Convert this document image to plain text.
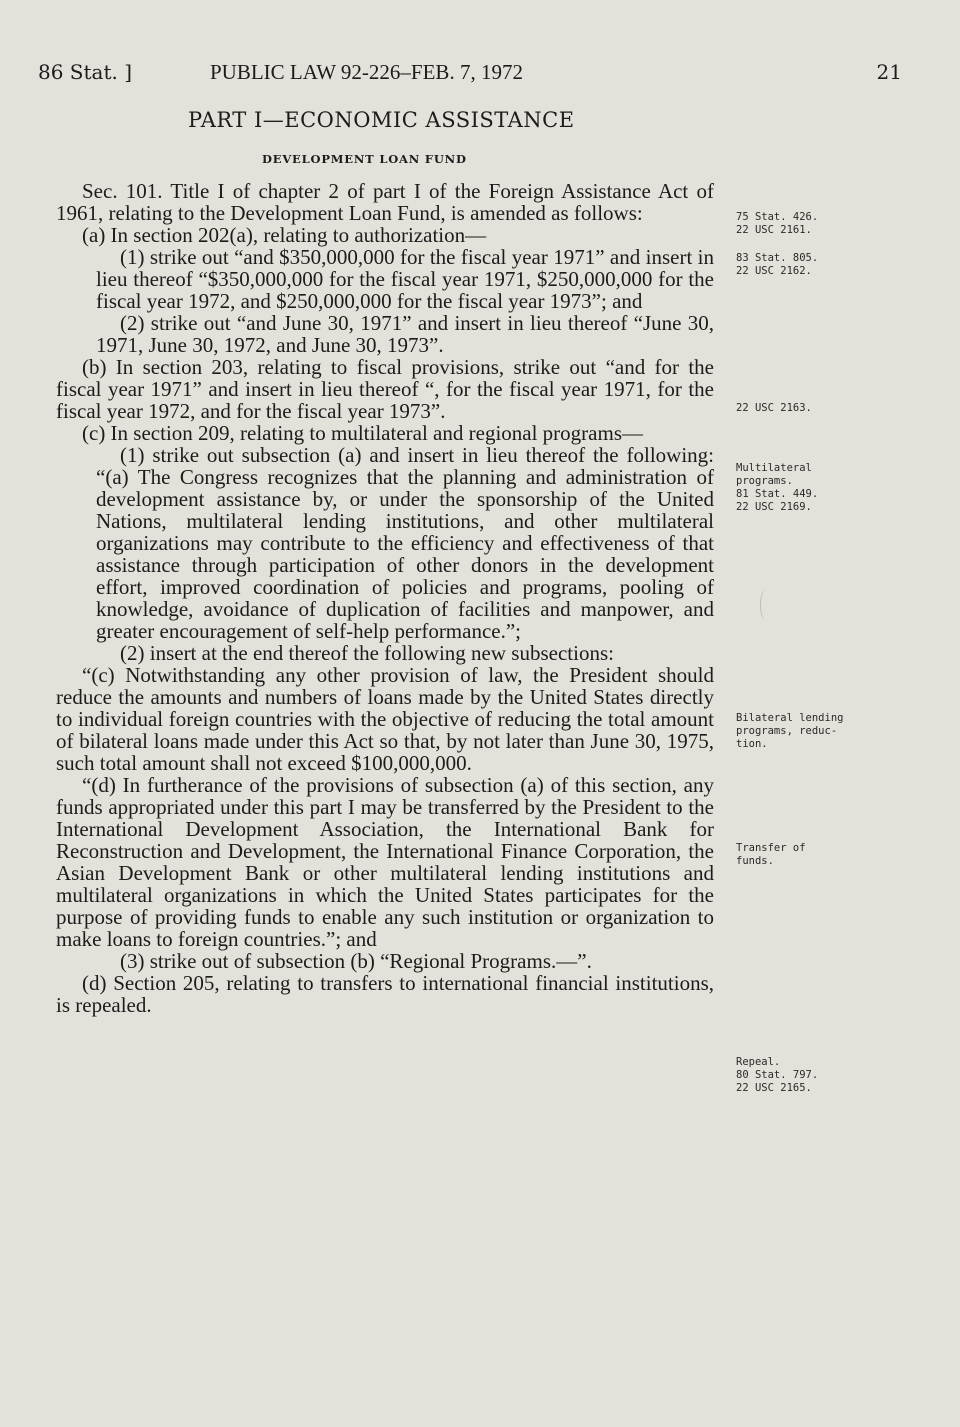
86 Stat. ]	PUBLIC LAW 92-226–FEB. 7, 1972	21
PART I—ECONOMIC ASSISTANCE
DEVELOPMENT LOAN FUND

Sec. 101. Title I of chapter 2 of part I of the Foreign Assistance Act of 1961, relating to the Development Loan Fund, is amended as follows:

(a) In section 202(a), relating to authorization—

(1) strike out “and $350,000,000 for the fiscal year 1971” and insert in lieu thereof “$350,000,000 for the fiscal year 1971, $250,000,000 for the fiscal year 1972, and $250,000,000 for the fiscal year 1973”; and

(2) strike out “and June 30, 1971” and insert in lieu thereof “June 30, 1971, June 30, 1972, and June 30, 1973”.

(b) In section 203, relating to fiscal provisions, strike out “and for the fiscal year 1971” and insert in lieu thereof “, for the fiscal year 1971, for the fiscal year 1972, and for the fiscal year 1973”.

(c) In section 209, relating to multilateral and regional programs—

(1) strike out subsection (a) and insert in lieu thereof the following: “(a) The Congress recognizes that the planning and administration of development assistance by, or under the sponsorship of the United Nations, multilateral lending institutions, and other multilateral organizations may contribute to the efficiency and effectiveness of that assistance through participation of other donors in the development effort, improved coordination of policies and programs, pooling of knowledge, avoidance of duplication of facilities and manpower, and greater encouragement of self-help performance.”;

(2) insert at the end thereof the following new subsections:

“(c) Notwithstanding any other provision of law, the President should reduce the amounts and numbers of loans made by the United States directly to individual foreign countries with the objective of reducing the total amount of bilateral loans made under this Act so that, by not later than June 30, 1975, such total amount shall not exceed $100,000,000.

“(d) In furtherance of the provisions of subsection (a) of this section, any funds appropriated under this part I may be transferred by the President to the International Development Association, the International Bank for Reconstruction and Development, the International Finance Corporation, the Asian Development Bank or other multilateral lending institutions and multilateral organizations in which the United States participates for the purpose of providing funds to enable any such institution or organization to make loans to foreign countries.”; and

(3) strike out of subsection (b) “Regional Programs.—”.

(d) Section 205, relating to transfers to international financial institutions, is repealed.

75 Stat. 426.

22 USC 2161.

83 Stat. 805.

22 USC 2162.

22 USC 2163.

Multilateral

programs.

81 Stat. 449.

22 USC 2169.

Bilateral lending

programs, reduc-

tion.

Transfer of

funds.

Repeal.

80 Stat. 797.

22 USC 2165.
